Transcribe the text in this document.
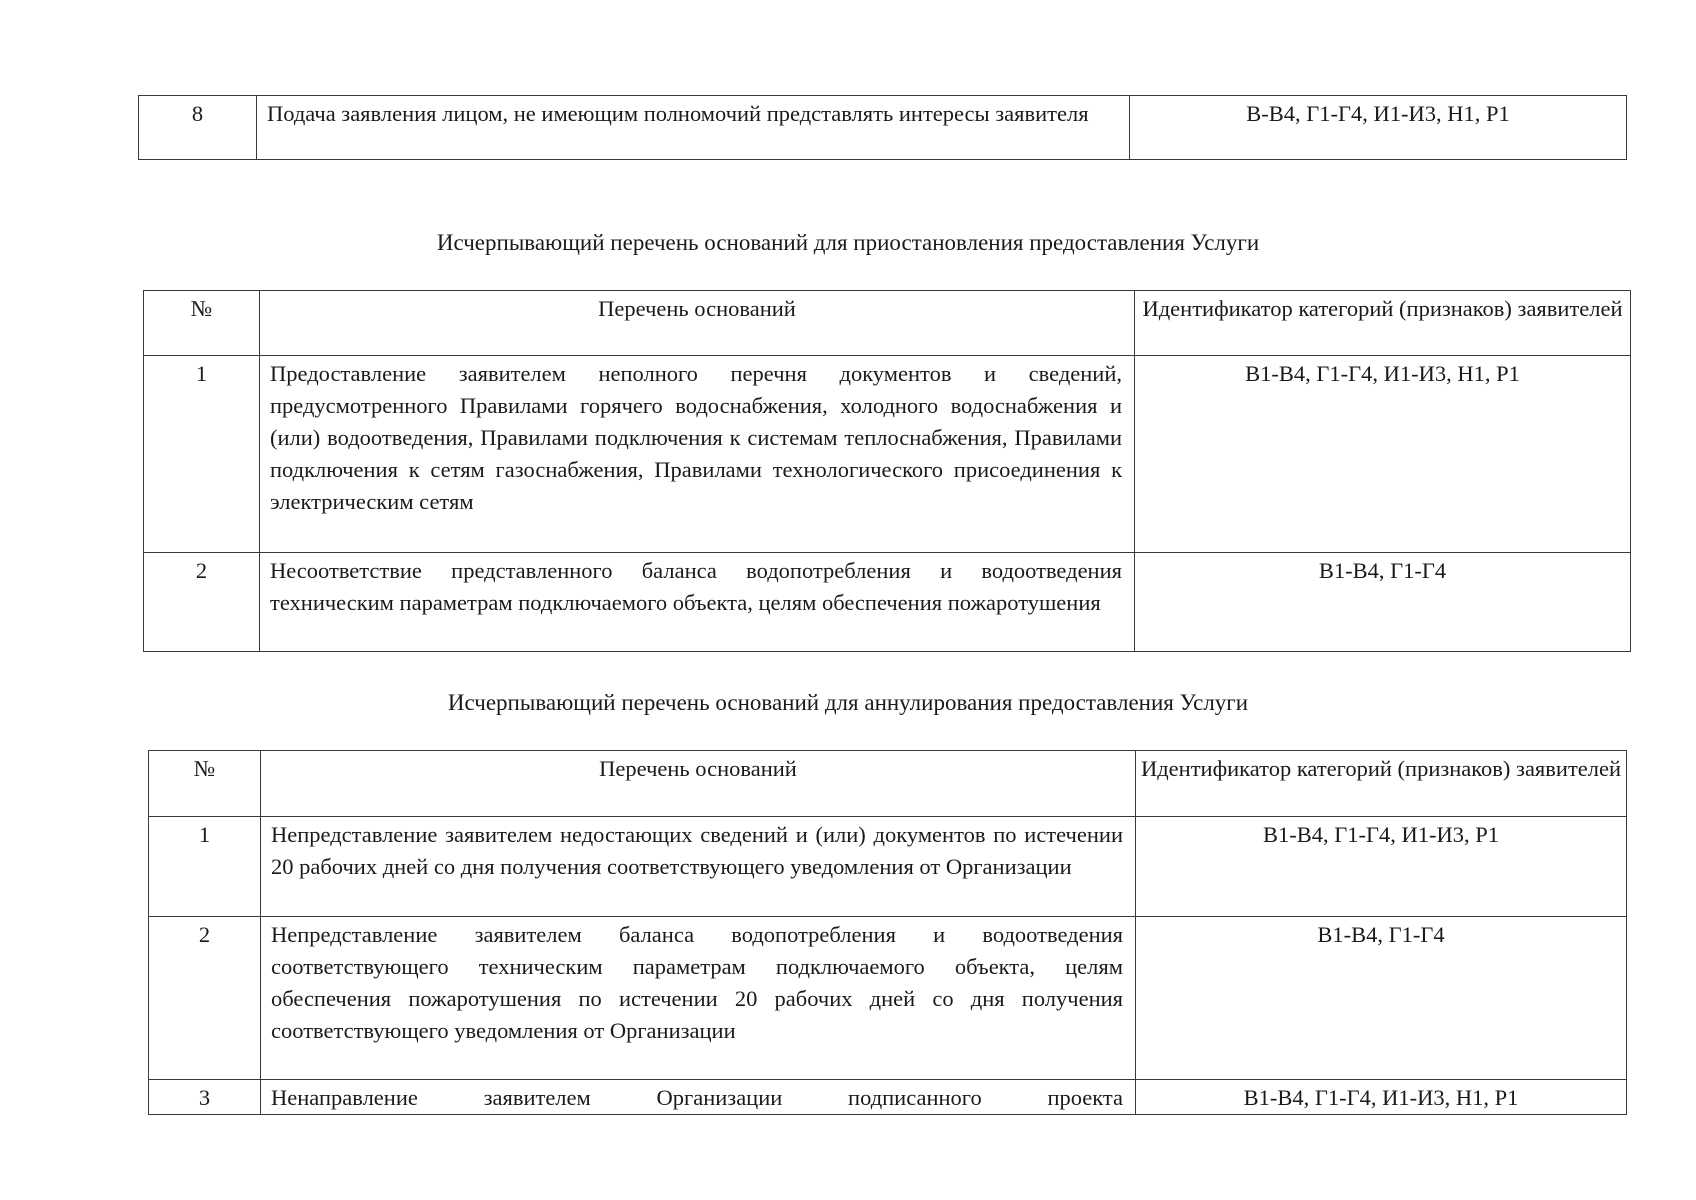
8	Подача заявления лицом, не имеющим полномочий представлять интересы заявителя	В-В4, Г1-Г4, И1-И3, Н1, Р1
Исчерпывающий перечень оснований для приостановления предоставления Услуги
№	Перечень оснований	Идентификатор категорий (признаков) заявителей

1	Предоставление заявителем неполного перечня документов и сведений, предусмотренного Правилами горячего водоснабжения, холодного водоснабжения и (или) водоотведения, Правилами подключения к системам теплоснабжения, Правилами подключения к сетям газоснабжения, Правилами технологического присоединения к электрическим сетям	В1-В4, Г1-Г4, И1-И3, Н1, Р1

2	Несоответствие представленного баланса водопотребления и водоотведения техническим параметрам подключаемого объекта, целям обеспечения пожаротушения	В1-В4, Г1-Г4
Исчерпывающий перечень оснований для аннулирования предоставления Услуги
№	Перечень оснований	Идентификатор категорий (признаков) заявителей

1	Непредставление заявителем недостающих сведений и (или) документов по истечении 20 рабочих дней со дня получения соответствующего уведомления от Организации	В1-В4, Г1-Г4, И1-И3, Р1

2	Непредставление заявителем баланса водопотребления и водоотведения соответствующего техническим параметрам подключаемого объекта, целям обеспечения пожаротушения по истечении 20 рабочих дней со дня получения соответствующего уведомления от Организации	В1-В4, Г1-Г4

3	Ненаправление заявителем Организации подписанного проекта	В1-В4, Г1-Г4, И1-И3, Н1, Р1
